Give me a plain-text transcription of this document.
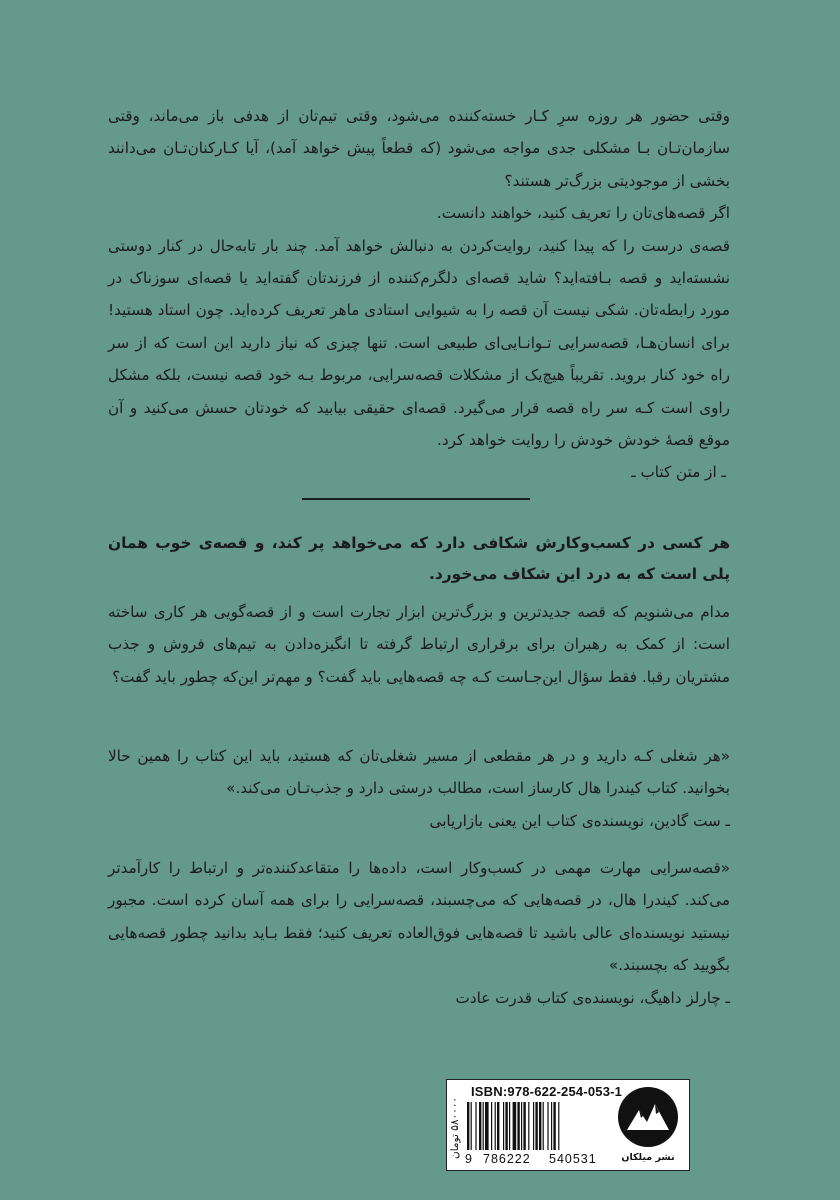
وقتی حضور هر روزه سرِ کـار خسته‌کننده می‌شود، وقتی تیم‌تان از هدفی باز می‌ماند، وقتی سازمان‌تـان بـا مشکلی جدی مواجه می‌شود (که قطعاً پیش خواهد آمد)، آیا کـارکنان‌تـان می‌دانند بخشی از موجودیتی بزرگ‌تر هستند؟

اگر قصه‌های‌تان را تعریف کنید، خواهند دانست.

قصه‌ی درست را که پیدا کنید، روایت‌کردن به دنبالش خواهد آمد. چند بار تابه‌حال در کنار دوستی نشسته‌اید و قصه بـافته‌اید؟ شاید قصه‌ای دلگرم‌کننده از فرزندتان گفته‌اید یا قصه‌ای سوزناک در مورد رابطه‌تان. شکی نیست آن قصه را به شیوایی استادی ماهر تعریف کرده‌اید. چون استاد هستید! برای انسان‌هـا، قصه‌سرایی تـوانـایی‌ای طبیعی است. تنها چیزی که نیاز دارید این است که از سر راه خود کنار بروید. تقریباً هیچ‌یک از مشکلات قصه‌سرایی، مربوط بـه خود قصه نیست، بلکه مشکل راوی است کـه سر راه قصه قرار می‌گیرد. قصه‌ای حقیقی بیابید که خودتان حسش می‌کنید و آن موقع قصهٔ خودش خودش را روایت خواهد کرد.

ـ از متن کتاب ـ

هر کسی در کسب‌وکارش شکافی دارد که می‌خواهد پر کند، و قصه‌ی خوب همان پلی است که به درد این شکاف می‌خورد.

مدام می‌شنویم که قصه جدیدترین و بزرگ‌ترین ابزار تجارت است و از قصه‌گویی هر کاری ساخته است: از کمک به رهبران برای برقراری ارتباط گرفته تا انگیزه‌دادن به تیم‌های فروش و جذب مشتریان رقبا. فقط سؤال این‌جـاست کـه چه قصه‌هایی باید گفت؟ و مهم‌تر این‌که چطور باید گفت؟

«هر شغلی کـه دارید و در هر مقطعی از مسیر شغلی‌تان که هستید، باید این کتاب را همین حالا بخوانید. کتاب کیندرا هال کارساز است، مطالب درستی دارد و جذب‌تـان می‌کند.»

ـ ست گادین، نویسنده‌ی کتاب این یعنی بازاریابی

«قصه‌سرایی مهارت مهمی در کسب‌وکار است، داده‌ها را متقاعدکننده‌تر و ارتباط را کارآمدتر می‌کند. کیندرا هال، در قصه‌هایی که می‌چسبند، قصه‌سرایی را برای همه آسان کرده است. مجبور نیستید نویسنده‌ای عالی باشید تا قصه‌هایی فوق‌العاده تعریف کنید؛ فقط بـاید بدانید چطور قصه‌هایی بگویید که بچسبند.»

ـ چارلز داهیگ، نویسنده‌ی کتاب قدرت عادت

۵۸۰۰۰۰ تومان
ISBN:978-622-254-053-1
9 786222 540531	نشر میلکان
